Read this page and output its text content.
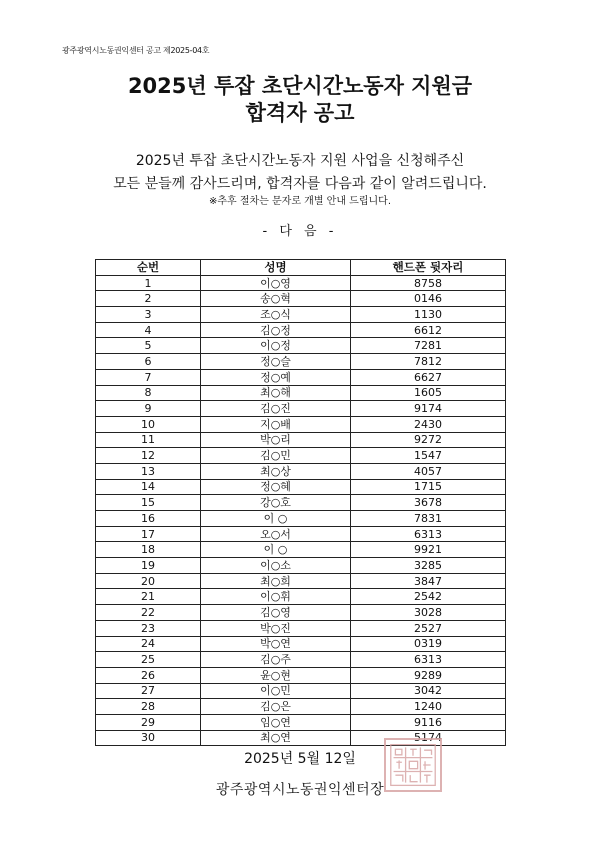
광주광역시노동권익센터 공고 제2025-04호
2025년 투잡 초단시간노동자 지원금
합격자 공고
2025년 투잡 초단시간노동자 지원 사업을 신청해주신
모든 분들께 감사드리며, 합격자를 다음과 같이 알려드립니다.
※추후 절차는 문자로 개별 안내 드립니다.
- 다 음 -
순번	성명	핸드폰 뒷자리
1	이○영	8758
2	송○혁	0146
3	조○식	1130
4	김○정	6612
5	이○정	7281
6	정○슬	7812
7	정○예	6627
8	최○해	1605
9	김○진	9174
10	지○배	2430
11	박○리	9272
12	김○민	1547
13	최○상	4057
14	정○혜	1715
15	강○호	3678
16	이 ○	7831
17	오○서	6313
18	이 ○	9921
19	이○소	3285
20	최○희	3847
21	이○휘	2542
22	김○영	3028
23	박○진	2527
24	박○연	0319
25	김○주	6313
26	윤○현	9289
27	이○민	3042
28	김○은	1240
29	임○연	9116
30	최○연	5174
2025년 5월 12일
광주광역시노동권익센터장
